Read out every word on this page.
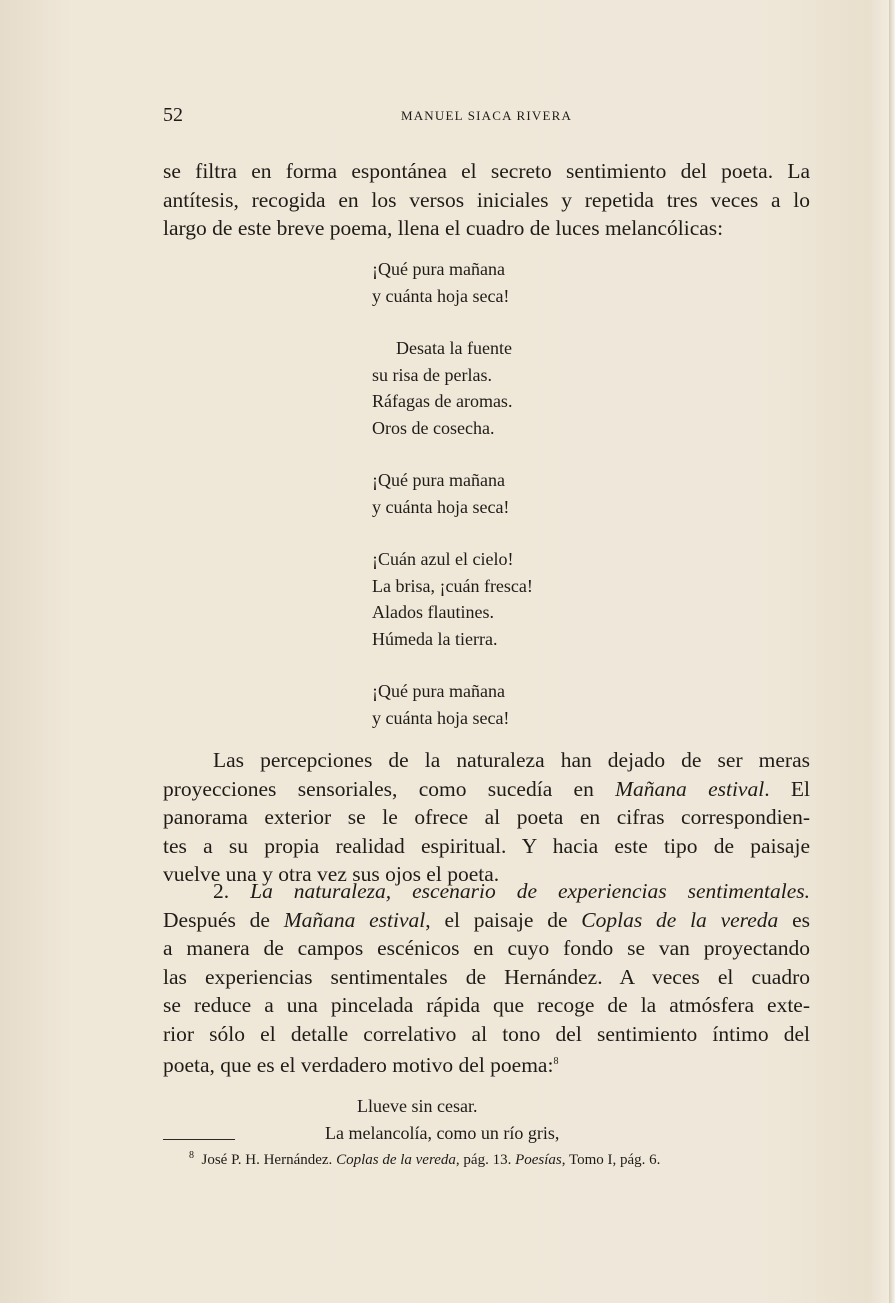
52	MANUEL SIACA RIVERA

se filtra en forma espontánea el secreto sentimiento del poeta. La
antítesis, recogida en los versos iniciales y repetida tres veces a lo
largo de este breve poema, llena el cuadro de luces melancólicas:

¡Qué pura mañana
y cuánta hoja seca!
Desata la fuente
su risa de perlas.
Ráfagas de aromas.
Oros de cosecha.
¡Qué pura mañana
y cuánta hoja seca!
¡Cuán azul el cielo!
La brisa, ¡cuán fresca!
Alados flautines.
Húmeda la tierra.
¡Qué pura mañana
y cuánta hoja seca!

Las percepciones de la naturaleza han dejado de ser meras
proyecciones sensoriales, como sucedía en Mañana estival. El
panorama exterior se le ofrece al poeta en cifras correspondien-
tes a su propia realidad espiritual. Y hacia este tipo de paisaje
vuelve una y otra vez sus ojos el poeta.

2. La naturaleza, escenario de experiencias sentimentales.
Después de Mañana estival, el paisaje de Coplas de la vereda es
a manera de campos escénicos en cuyo fondo se van proyectando
las experiencias sentimentales de Hernández. A veces el cuadro
se reduce a una pincelada rápida que recoge de la atmósfera exte-
rior sólo el detalle correlativo al tono del sentimiento íntimo del
poeta, que es el verdadero motivo del poema:$^8$

Llueve sin cesar.
La melancolía, como un río gris,
$^8$ José P. H. Hernández. Coplas de la vereda, pág. 13. Poesías, Tomo I, pág. 6.
